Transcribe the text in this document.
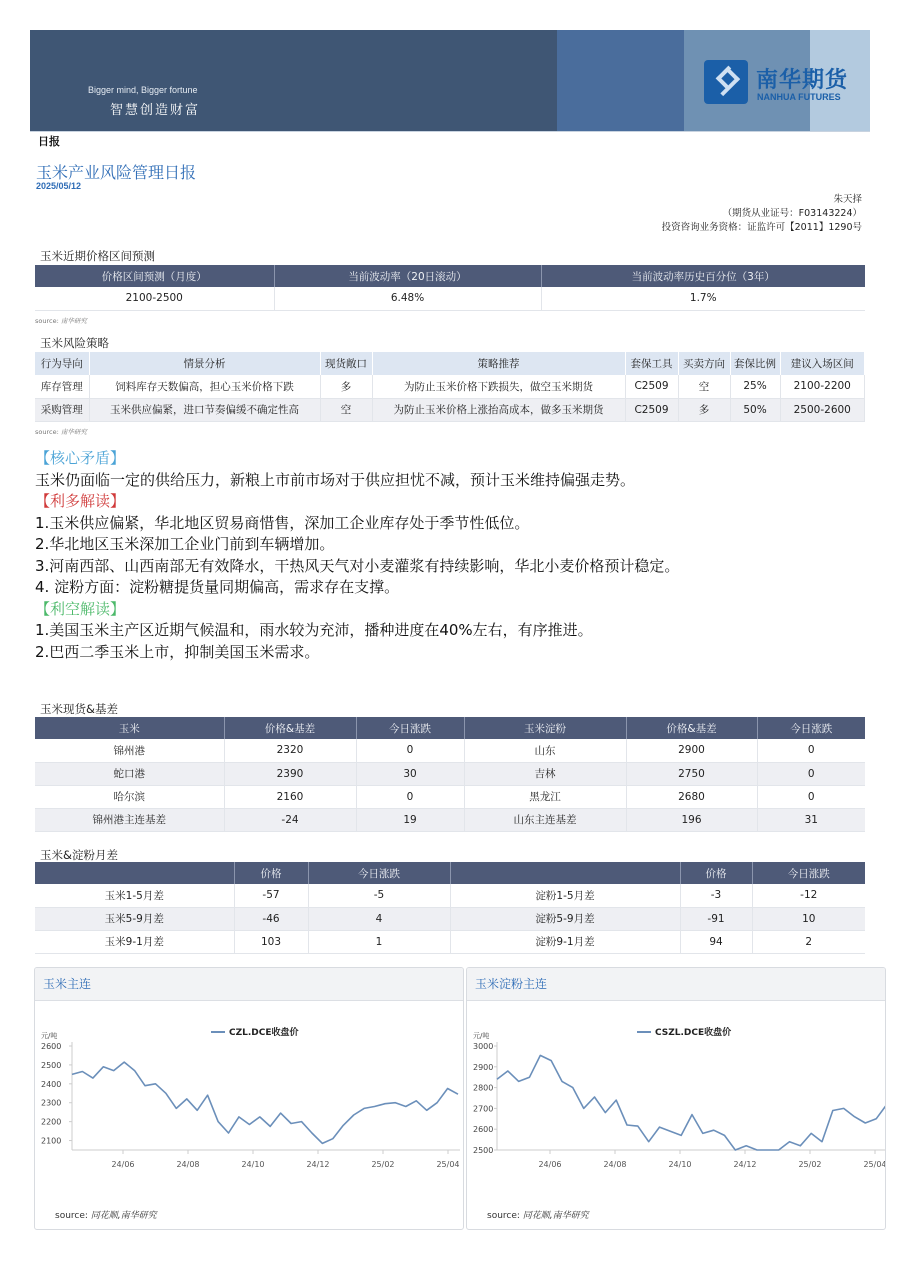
Bigger mind, Bigger fortune
智慧创造财富
南华期货
NANHUA FUTURES
日报
玉米产业风险管理日报
2025/05/12
朱天择
（期货从业证号：F03143224）
投资咨询业务资格：证监许可【2011】1290号
玉米近期价格区间预测
价格区间预测（月度）	当前波动率（20日滚动）	当前波动率历史百分位（3年）
2100-2500	6.48%	1.7%
source: 南华研究
玉米风险策略
行为导向	情景分析	现货敞口	策略推荐	套保工具	买卖方向	套保比例	建议入场区间
库存管理	饲料库存天数偏高，担心玉米价格下跌	多	为防止玉米价格下跌损失，做空玉米期货	C2509	空	25%	2100-2200
采购管理	玉米供应偏紧，进口节奏偏缓不确定性高	空	为防止玉米价格上涨抬高成本，做多玉米期货	C2509	多	50%	2500-2600
source: 南华研究
【核心矛盾】
玉米仍面临一定的供给压力，新粮上市前市场对于供应担忧不减，预计玉米维持偏强走势。
【利多解读】
1.玉米供应偏紧，华北地区贸易商惜售，深加工企业库存处于季节性低位。
2.华北地区玉米深加工企业门前到车辆增加。
3.河南西部、山西南部无有效降水，干热风天气对小麦灌浆有持续影响，华北小麦价格预计稳定。
4. 淀粉方面：淀粉糖提货量同期偏高，需求存在支撑。
【利空解读】
1.美国玉米主产区近期气候温和，雨水较为充沛，播种进度在40%左右，有序推进。
2.巴西二季玉米上市，抑制美国玉米需求。
玉米现货&基差
玉米	价格&基差	今日涨跌	玉米淀粉	价格&基差	今日涨跌
锦州港	2320	0	山东	2900	0
蛇口港	2390	30	吉林	2750	0
哈尔滨	2160	0	黑龙江	2680	0
锦州港主连基差	-24	19	山东主连基差	196	31
玉米&淀粉月差
	价格	今日涨跌		价格	今日涨跌
玉米1-5月差	-57	-5	淀粉1-5月差	-3	-12
玉米5-9月差	-46	4	淀粉5-9月差	-91	10
玉米9-1月差	103	1	淀粉9-1月差	94	2
玉米主连
元/吨
2100
2200
2300
2400
2500
2600
24/06	24/08	24/10	24/12	25/02	25/04
CZL.DCE收盘价
source: 同花顺,南华研究
玉米淀粉主连
元/吨
2500
2600
2700
2800
2900
3000
24/06	24/08	24/10	24/12	25/02	25/04
CSZL.DCE收盘价
source: 同花顺,南华研究
